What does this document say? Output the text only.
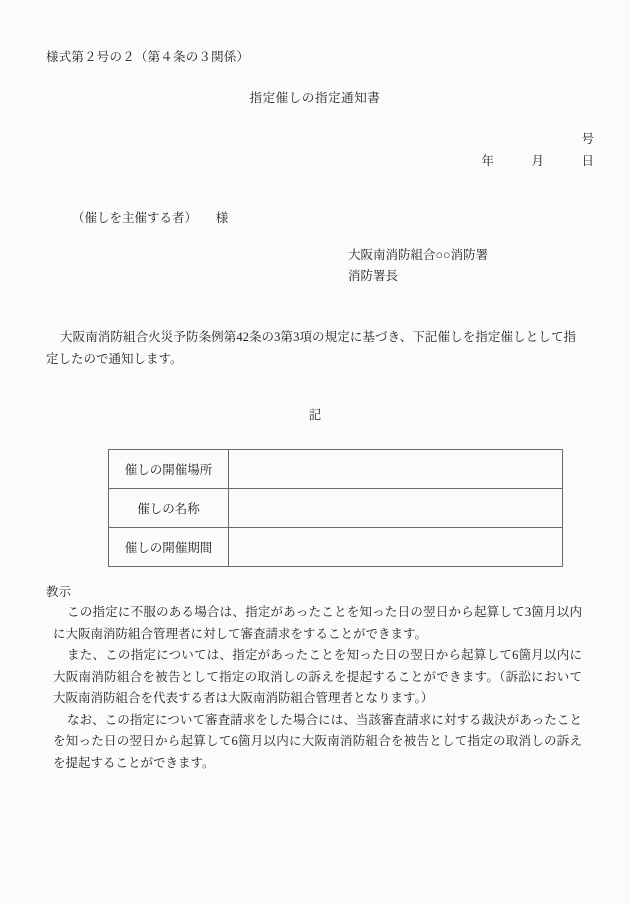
様式第２号の２（第４条の３関係）
指定催しの指定通知書
号
年　　　月　　　日
（催しを主催する者）　　様
大阪南消防組合○○消防署
消防署長
大阪南消防組合火災予防条例第42条の3第3項の規定に基づき、下記催しを指定催しとして指定したので通知します。
記
催しの開催場所	
催しの名称	
催しの開催期間	
教示
この指定に不服のある場合は、指定があったことを知った日の翌日から起算して3箇月以内に大阪南消防組合管理者に対して審査請求をすることができます。
また、この指定については、指定があったことを知った日の翌日から起算して6箇月以内に大阪南消防組合を被告として指定の取消しの訴えを提起することができます。（訴訟において大阪南消防組合を代表する者は大阪南消防組合管理者となります。）
なお、この指定について審査請求をした場合には、当該審査請求に対する裁決があったことを知った日の翌日から起算して6箇月以内に大阪南消防組合を被告として指定の取消しの訴えを提起することができます。
